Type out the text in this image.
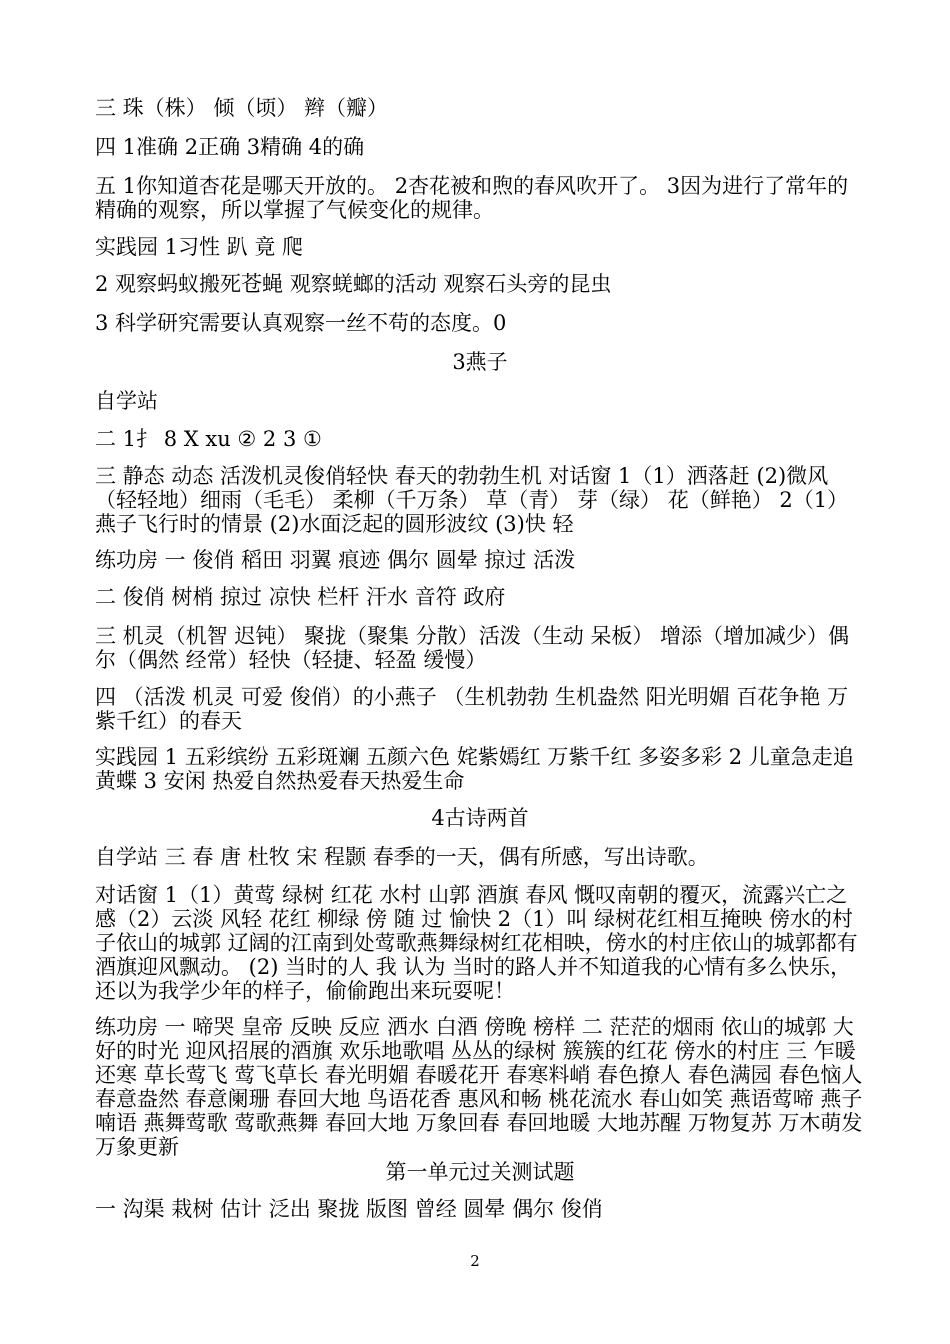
三 珠（株） 倾（顷） 辫（瓣）

四 1准确 2正确 3精确 4的确

五 1你知道杏花是哪天开放的。 2杏花被和煦的春风吹开了。 3因为进行了常年的精确的观察，所以掌握了气候变化的规律。

实践园 1习性 趴 竟 爬

2 观察蚂蚁搬死苍蝇 观察蜣螂的活动 观察石头旁的昆虫

3 科学研究需要认真观察一丝不苟的态度。0

3燕子

自学站

二 1扌 8 X xu ② 2 3 ①

三 静态 动态 活泼机灵俊俏轻快 春天的勃勃生机 对话窗 1（1）洒落赶 (2)微风（轻轻地）细雨（毛毛） 柔柳（千万条） 草（青） 芽（绿） 花（鲜艳） 2（1）燕子飞行时的情景 (2)水面泛起的圆形波纹 (3)快 轻

练功房 一 俊俏 稻田 羽翼 痕迹 偶尔 圆晕 掠过 活泼

二 俊俏 树梢 掠过 凉快 栏杆 汗水 音符 政府

三 机灵（机智 迟钝） 聚拢（聚集 分散）活泼（生动 呆板） 增添（增加减少）偶尔（偶然 经常）轻快（轻捷、轻盈 缓慢）

四 （活泼 机灵 可爱 俊俏）的小燕子 （生机勃勃 生机盎然 阳光明媚 百花争艳 万紫千红）的春天

实践园 1 五彩缤纷 五彩斑斓 五颜六色 姹紫嫣红 万紫千红 多姿多彩 2 儿童急走追黄蝶 3 安闲 热爱自然热爱春天热爱生命

4古诗两首

自学站 三 春 唐 杜牧 宋 程颢 春季的一天，偶有所感，写出诗歌。

对话窗 1（1）黄莺 绿树 红花 水村 山郭 酒旗 春风 慨叹南朝的覆灭，流露兴亡之感（2）云淡 风轻 花红 柳绿 傍 随 过 愉快 2（1）叫 绿树花红相互掩映 傍水的村子依山的城郭 辽阔的江南到处莺歌燕舞绿树红花相映，傍水的村庄依山的城郭都有酒旗迎风飘动。 (2) 当时的人 我 认为 当时的路人并不知道我的心情有多么快乐，还以为我学少年的样子，偷偷跑出来玩耍呢！

练功房 一 啼哭 皇帝 反映 反应 洒水 白酒 傍晚 榜样 二 茫茫的烟雨 依山的城郭 大好的时光 迎风招展的酒旗 欢乐地歌唱 丛丛的绿树 簇簇的红花 傍水的村庄 三 乍暖还寒 草长莺飞 莺飞草长 春光明媚 春暖花开 春寒料峭 春色撩人 春色满园 春色恼人 春意盎然 春意阑珊 春回大地 鸟语花香 惠风和畅 桃花流水 春山如笑 燕语莺啼 燕子喃语 燕舞莺歌 莺歌燕舞 春回大地 万象回春 春回地暖 大地苏醒 万物复苏 万木萌发 万象更新

第一单元过关测试题

一 沟渠 栽树 估计 泛出 聚拢 版图 曾经 圆晕 偶尔 俊俏

2
